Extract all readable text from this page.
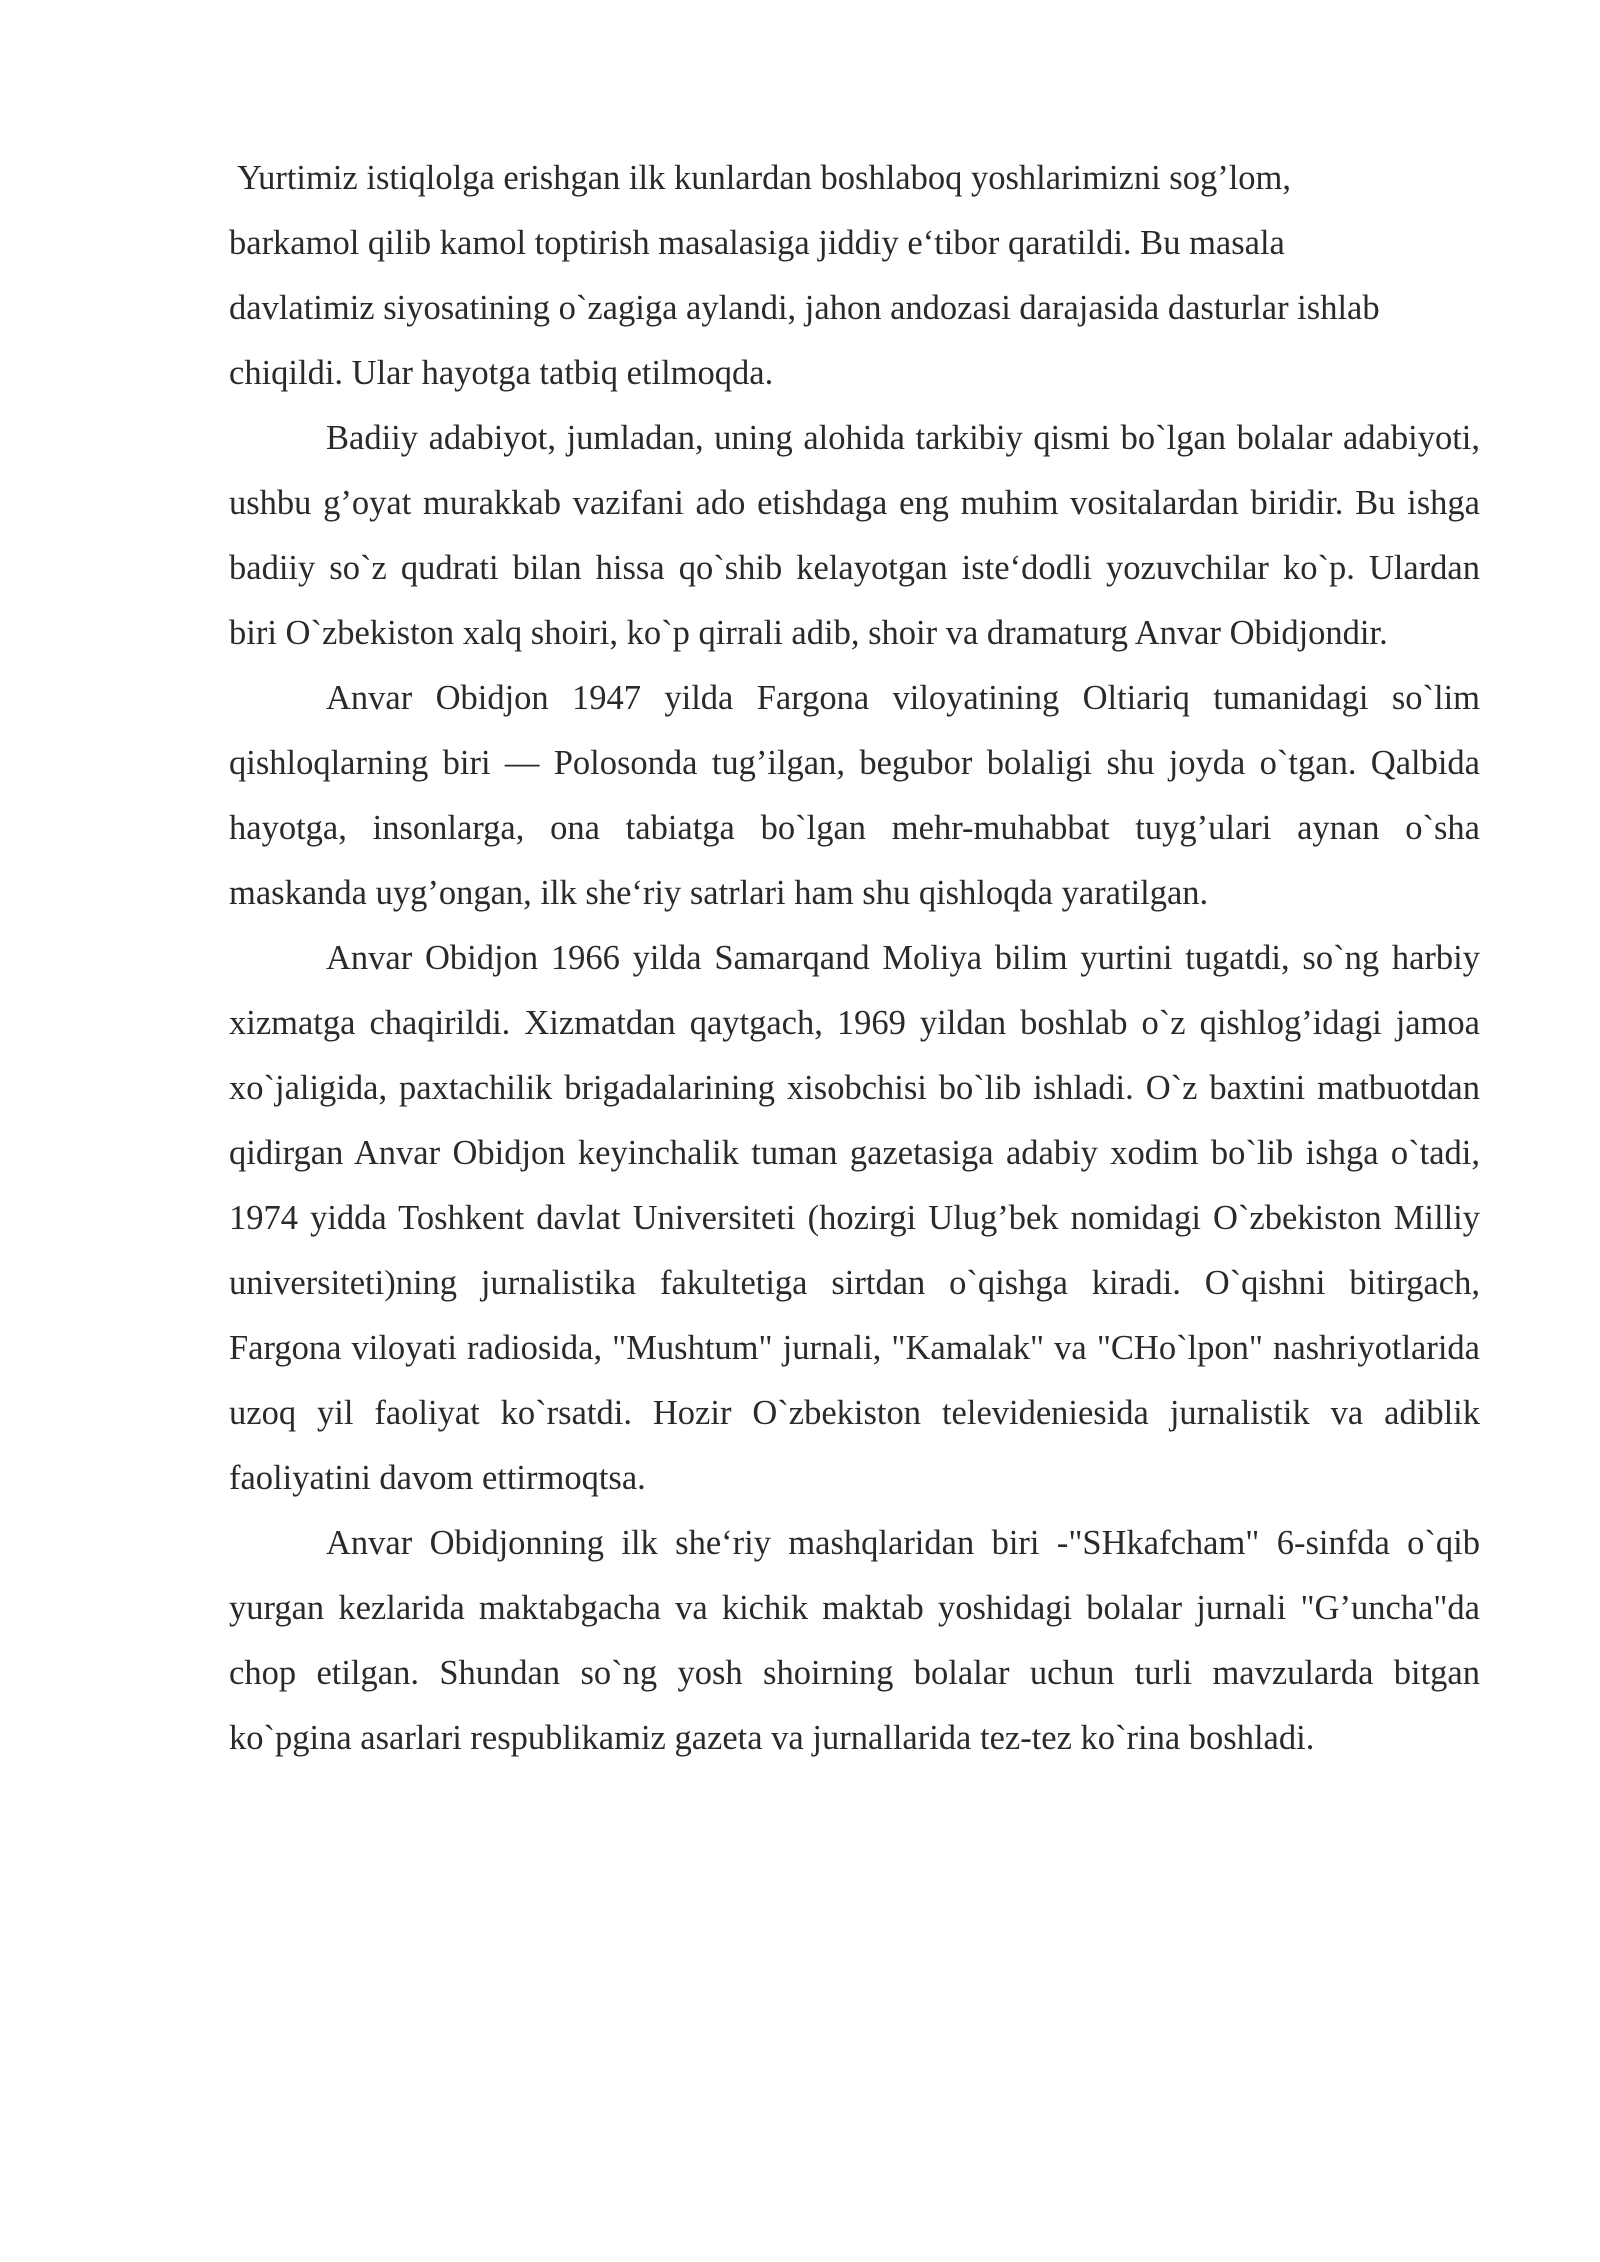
Yurtimiz istiqlolga erishgan ilk kunlardan boshlaboq yoshlarimizni sog’lom, barkamol qilib kamol toptirish masalasiga jiddiy e‘tibor qaratildi. Bu masala davlatimiz siyosatining o`zagiga aylandi, jahon andozasi darajasida dasturlar ishlab chiqildi. Ular hayotga tatbiq etilmoqda.

Badiiy adabiyot, jumladan, uning alohida tarkibiy qismi bo`lgan bolalar adabiyoti, ushbu g’oyat murakkab vazifani ado etishdaga eng muhim vositalardan biridir. Bu ishga badiiy so`z qudrati bilan hissa qo`shib kelayotgan iste‘dodli yozuvchilar ko`p. Ulardan biri O`zbekiston xalq shoiri, ko`p qirrali adib, shoir va dramaturg Anvar Obidjondir.

Anvar Obidjon 1947 yilda Fargona viloyatining Oltiariq tumanidagi so`lim qishloqlarning biri — Polosonda tug’ilgan, begubor bolaligi shu joyda o`tgan. Qalbida hayotga, insonlarga, ona tabiatga bo`lgan mehr-muhabbat tuyg’ulari aynan o`sha maskanda uyg’ongan, ilk she‘riy satrlari ham shu qishloqda yaratilgan.

Anvar Obidjon 1966 yilda Samarqand Moliya bilim yurtini tugatdi, so`ng harbiy xizmatga chaqirildi. Xizmatdan qaytgach, 1969 yildan boshlab o`z qishlog’idagi jamoa xo`jaligida, paxtachilik brigadalarining xisobchisi bo`lib ishladi. O`z baxtini matbuotdan qidirgan Anvar Obidjon keyinchalik tuman gazetasiga adabiy xodim bo`lib ishga o`tadi, 1974 yidda Toshkent davlat Universiteti (hozirgi Ulug’bek nomidagi O`zbekiston Milliy universiteti)ning jurnalistika fakultetiga sirtdan o`qishga kiradi. O`qishni bitirgach, Fargona viloyati radiosida, "Mushtum" jurnali, "Kamalak" va "CHo`lpon" nashriyotlarida uzoq yil faoliyat ko`rsatdi. Hozir O`zbekiston televideniesida jurnalistik va adiblik faoliyatini davom ettirmoqtsa.

Anvar Obidjonning ilk she‘riy mashqlaridan biri -"SHkafcham" 6-sinfda o`qib yurgan kezlarida maktabgacha va kichik maktab yoshidagi bolalar jurnali "G’uncha"da chop etilgan. Shundan so`ng yosh shoirning bolalar uchun turli mavzularda bitgan ko`pgina asarlari respublikamiz gazeta va jurnallarida tez-tez ko`rina boshladi.
